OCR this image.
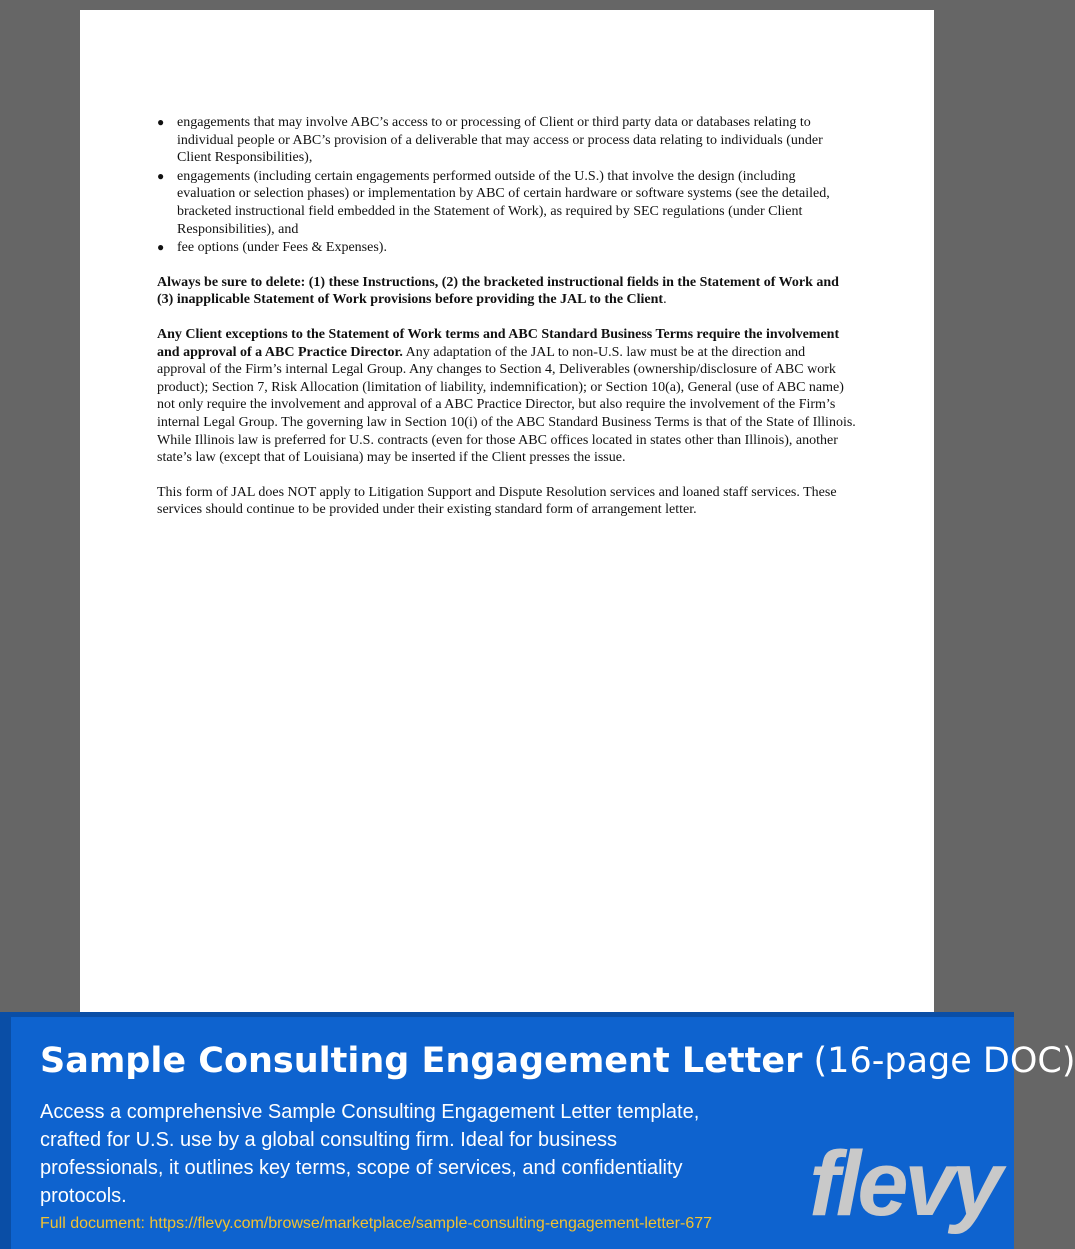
● engagements that may involve ABC’s access to or processing of Client or third party data or databases relating to individual people or ABC’s provision of a deliverable that may access or process data relating to individuals (under Client Responsibilities),
● engagements (including certain engagements performed outside of the U.S.) that involve the design (including evaluation or selection phases) or implementation by ABC of certain hardware or software systems (see the detailed, bracketed instructional field embedded in the Statement of Work), as required by SEC regulations (under Client Responsibilities), and
● fee options (under Fees & Expenses).

Always be sure to delete: (1) these Instructions, (2) the bracketed instructional fields in the Statement of Work and (3) inapplicable Statement of Work provisions before providing the JAL to the Client.

Any Client exceptions to the Statement of Work terms and ABC Standard Business Terms require the involvement and approval of a ABC Practice Director. Any adaptation of the JAL to non-U.S. law must be at the direction and approval of the Firm’s internal Legal Group. Any changes to Section 4, Deliverables (ownership/disclosure of ABC work product); Section 7, Risk Allocation (limitation of liability, indemnification); or Section 10(a), General (use of ABC name) not only require the involvement and approval of a ABC Practice Director, but also require the involvement of the Firm’s internal Legal Group. The governing law in Section 10(i) of the ABC Standard Business Terms is that of the State of Illinois. While Illinois law is preferred for U.S. contracts (even for those ABC offices located in states other than Illinois), another state’s law (except that of Louisiana) may be inserted if the Client presses the issue.

This form of JAL does NOT apply to Litigation Support and Dispute Resolution services and loaned staff services. These services should continue to be provided under their existing standard form of arrangement letter.

Sample Consulting Engagement Letter (16-page DOC)
Access a comprehensive Sample Consulting Engagement Letter template, crafted for U.S. use by a global consulting firm. Ideal for business professionals, it outlines key terms, scope of services, and confidentiality protocols.
Full document: https://flevy.com/browse/marketplace/sample-consulting-engagement-letter-677	flevy
